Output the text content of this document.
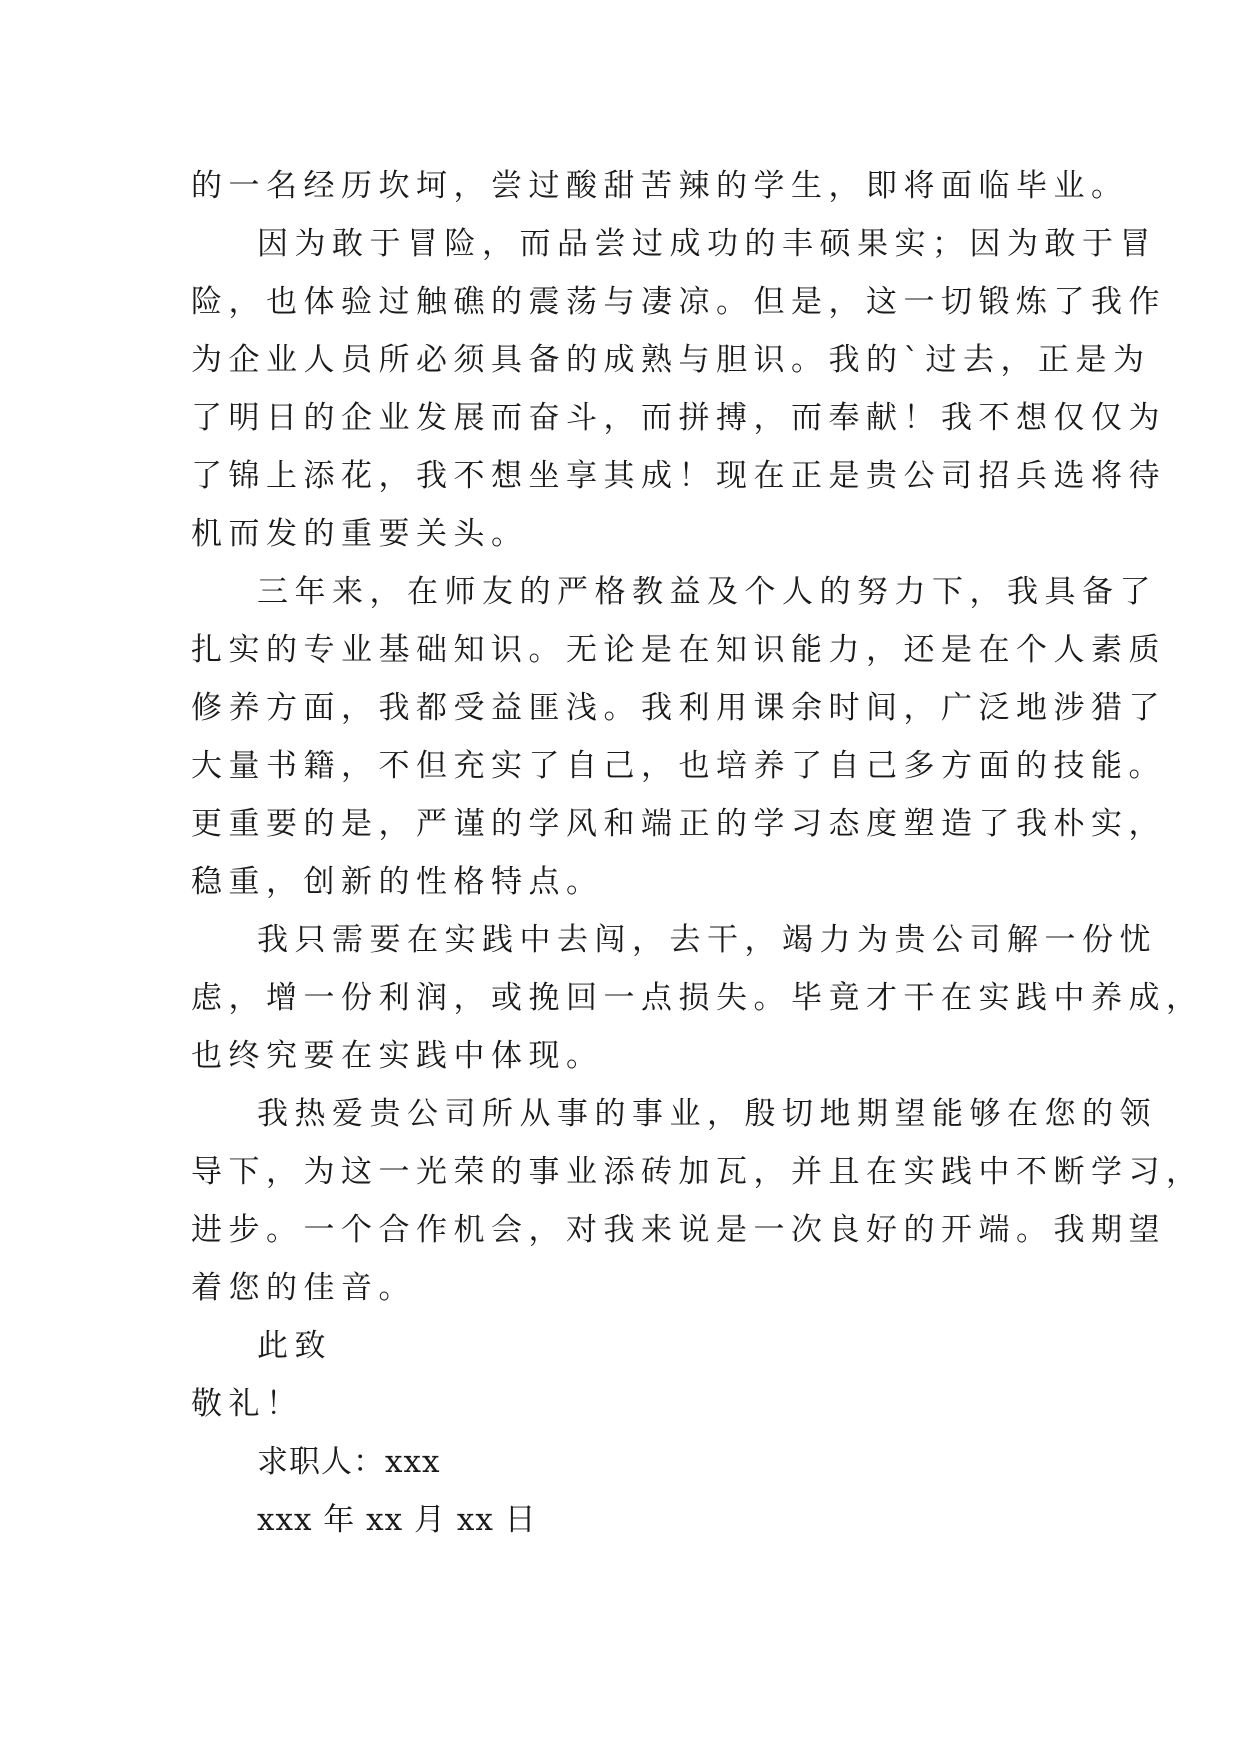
的一名经历坎坷，尝过酸甜苦辣的学生，即将面临毕业。
因为敢于冒险，而品尝过成功的丰硕果实；因为敢于冒
险，也体验过触礁的震荡与凄凉。但是，这一切锻炼了我作
为企业人员所必须具备的成熟与胆识。我的`过去，正是为
了明日的企业发展而奋斗，而拼搏，而奉献！我不想仅仅为
了锦上添花，我不想坐享其成！现在正是贵公司招兵选将待
机而发的重要关头。
三年来，在师友的严格教益及个人的努力下，我具备了
扎实的专业基础知识。无论是在知识能力，还是在个人素质
修养方面，我都受益匪浅。我利用课余时间，广泛地涉猎了
大量书籍，不但充实了自己，也培养了自己多方面的技能。
更重要的是，严谨的学风和端正的学习态度塑造了我朴实，
稳重，创新的性格特点。
我只需要在实践中去闯，去干，竭力为贵公司解一份忧
虑，增一份利润，或挽回一点损失。毕竟才干在实践中养成，
也终究要在实践中体现。
我热爱贵公司所从事的事业，殷切地期望能够在您的领
导下，为这一光荣的事业添砖加瓦，并且在实践中不断学习，
进步。一个合作机会，对我来说是一次良好的开端。我期望
着您的佳音。
此致
敬礼！
求职人：xxx
xxx 年 xx 月 xx 日
